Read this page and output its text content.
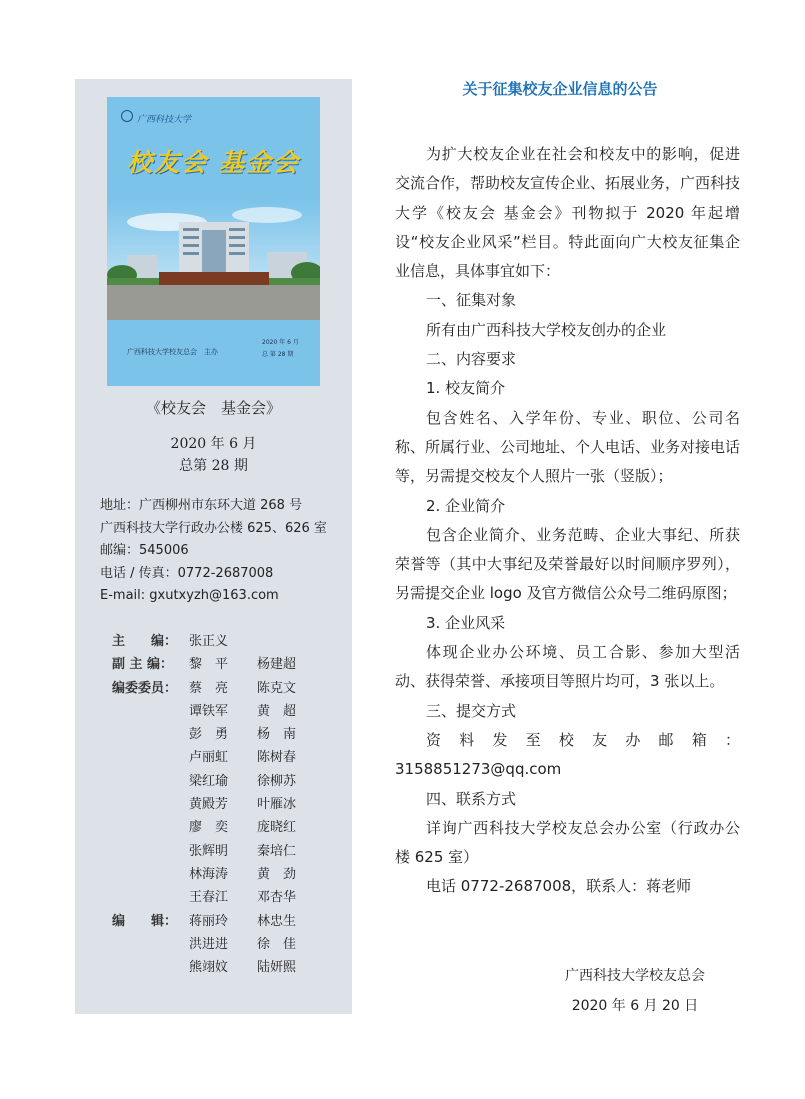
广西科技大学
校友会 基金会
广西科技大学校友总会　主办
2020 年 6 月
总 第 28 期
《校友会　基金会》
2020 年 6 月
总第 28 期
地址：广西柳州市东环大道 268 号
广西科技大学行政办公楼 625、626 室
邮编：545006
电话 / 传真：0772-2687008
E-mail: gxutxyzh@163.com
主　　编： 张正义
副 主 编：	黎　平	杨建超
编委委员： 蔡　亮	陈克文
谭铁军	黄　超
彭　勇	杨　南
卢丽虹	陈树春
梁红瑜	徐柳苏
黄殿芳	叶雁冰
廖　奕	庞晓红
张辉明	秦培仁
林海涛	黄　劲
王春江	邓杏华
编　　辑： 蒋丽玲	林忠生
洪进进	徐　佳
熊翊妏	陆妍熙
关于征集校友企业信息的公告

为扩大校友企业在社会和校友中的影响，促进交流合作，帮助校友宣传企业、拓展业务，广西科技大学《校友会 基金会》刊物拟于 2020 年起增设“校友企业风采”栏目。特此面向广大校友征集企业信息，具体事宜如下：

一、征集对象

所有由广西科技大学校友创办的企业

二、内容要求

1. 校友简介

包含姓名、入学年份、专业、职位、公司名称、所属行业、公司地址、个人电话、业务对接电话等，另需提交校友个人照片一张（竖版）；

2. 企业简介

包含企业简介、业务范畴、企业大事纪、所获荣誉等（其中大事纪及荣誉最好以时间顺序罗列），另需提交企业 logo 及官方微信公众号二维码原图；

3. 企业风采

体现企业办公环境、员工合影、参加大型活动、获得荣誉、承接项目等照片均可，3 张以上。

三、提交方式

资料发至校友办邮箱：3158851273@qq.com

四、联系方式

详询广西科技大学校友总会办公室（行政办公楼 625 室）

电话 0772-2687008，联系人：蒋老师

广西科技大学校友总会
2020 年 6 月 20 日
